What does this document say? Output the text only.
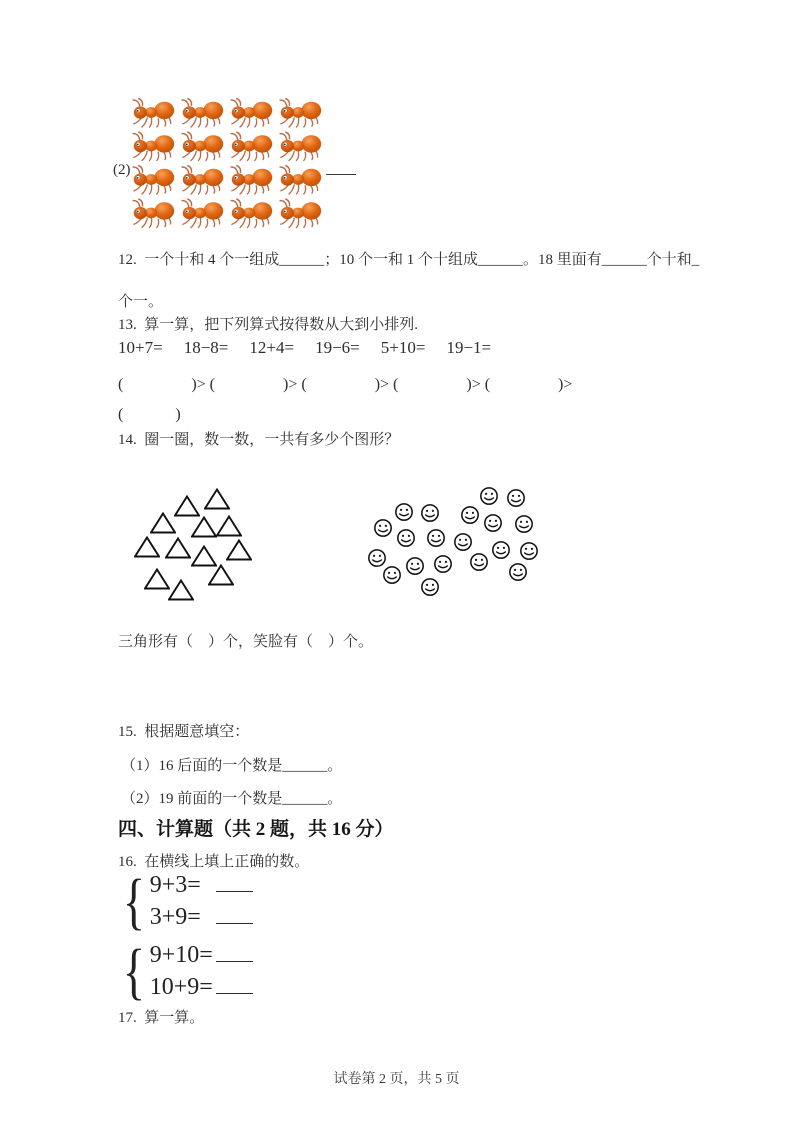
(2)
12.  一个十和 4 个一组成______；10 个一和 1 个十组成______。18 里面有______个十和_
个一。
13.  算一算，把下列算式按得数从大到小排列.
10+7= 18−8= 12+4= 19−6= 5+10= 19−1=
(　　　　 )> (　　　　 )> (　　　　 )> (　　　　 )> (　　　　 )>
(　　　 )
14.  圈一圈，数一数，一共有多少个图形？
三角形有（　）个，笑脸有（　）个。
15.  根据题意填空：
（1）16 后面的一个数是______。
（2）19 前面的一个数是______。
四、计算题（共 2 题，共 16 分）
16.  在横线上填上正确的数。
{ 9+3=
3+9=
{ 9+10=
10+9=
17.  算一算。
试卷第 2 页，共 5 页
